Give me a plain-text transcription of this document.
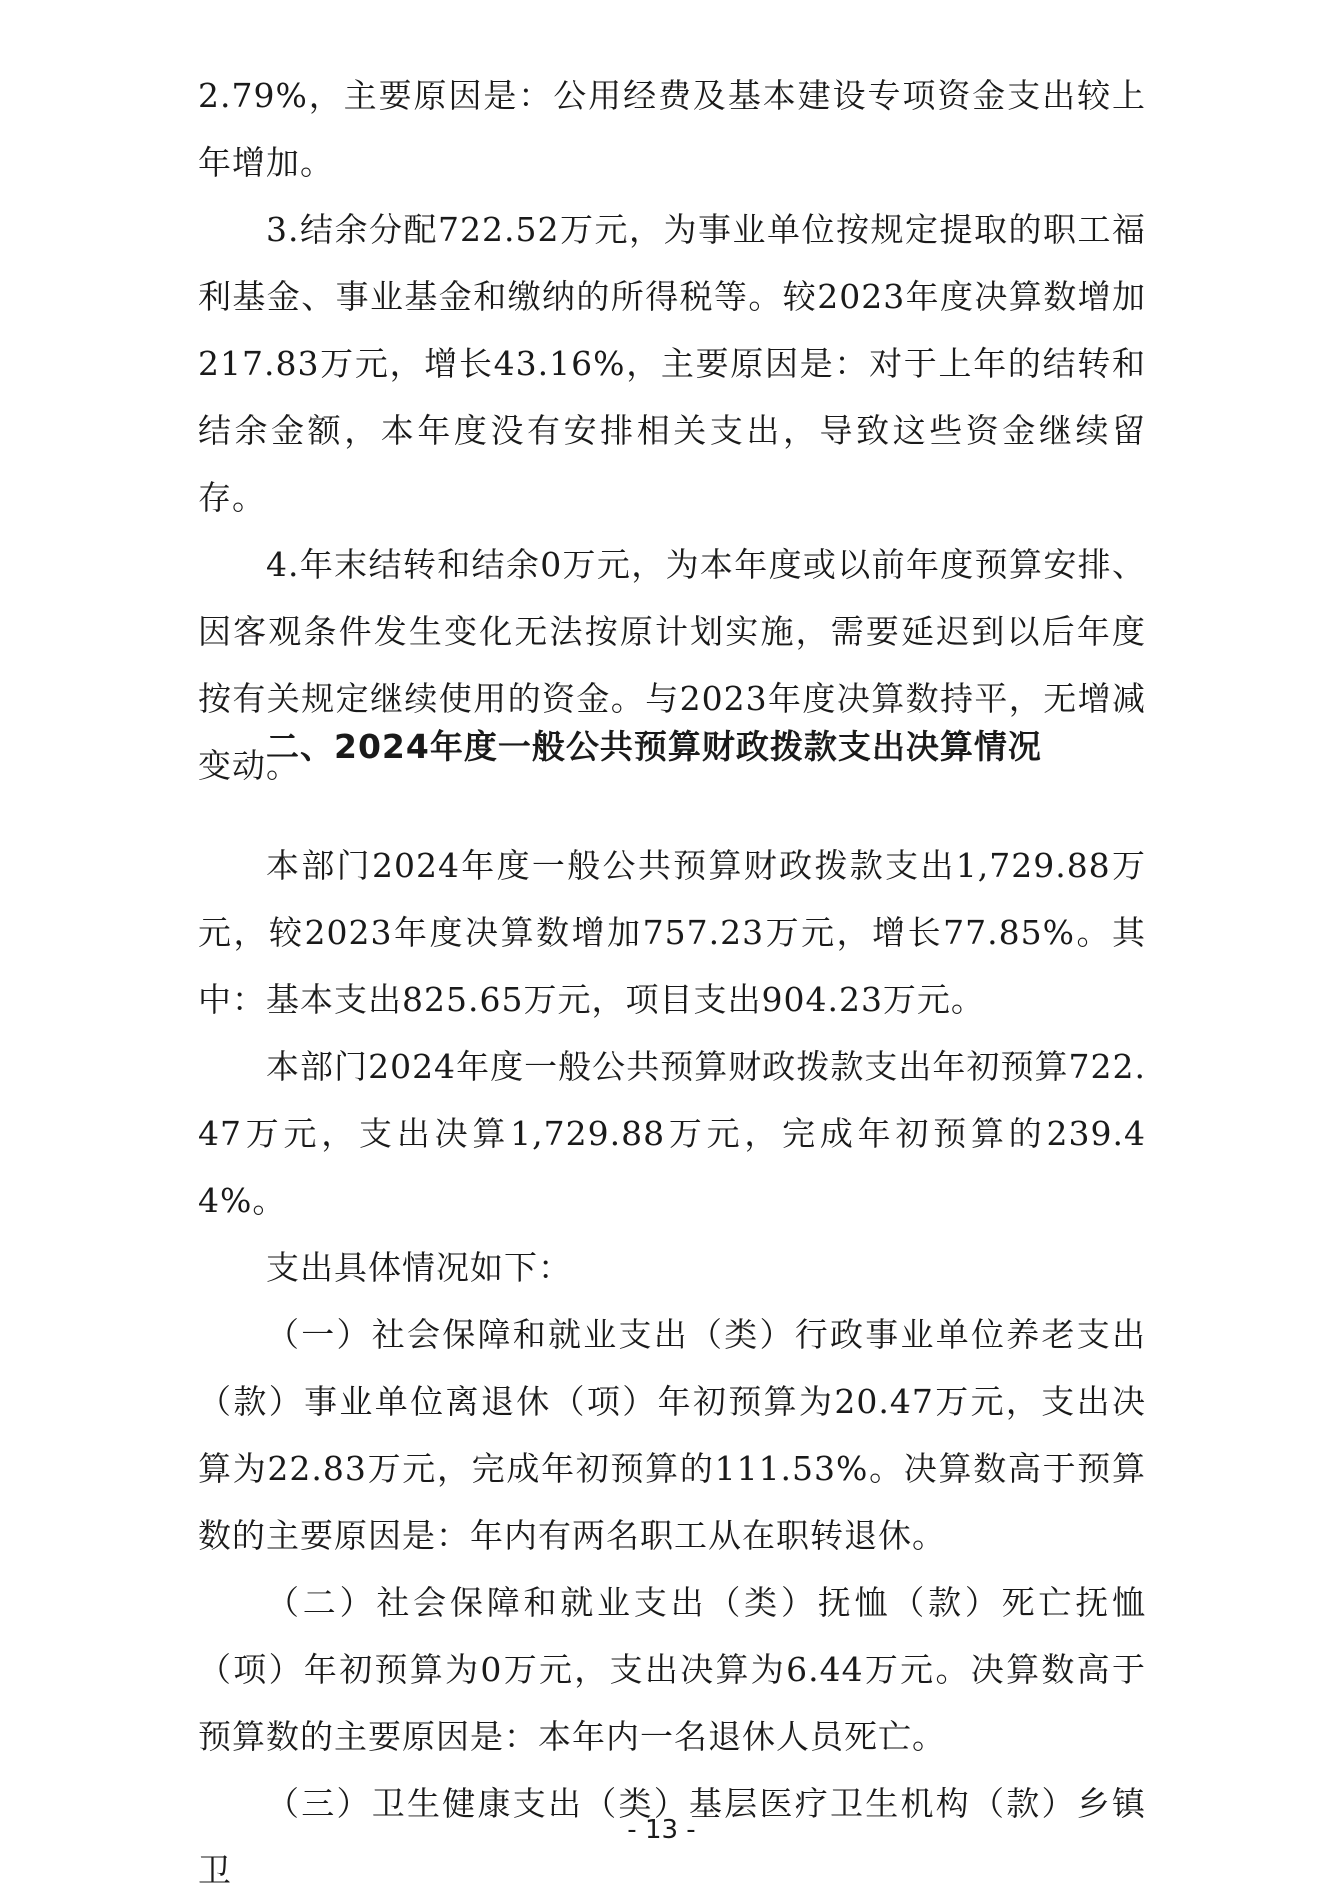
2.79%，主要原因是：公用经费及基本建设专项资金支出较上年增加。

3.结余分配722.52万元，为事业单位按规定提取的职工福利基金、事业基金和缴纳的所得税等。较2023年度决算数增加217.83万元，增长43.16%，主要原因是：对于上年的结转和结余金额，本年度没有安排相关支出，导致这些资金继续留存。

4.年末结转和结余0万元，为本年度或以前年度预算安排、因客观条件发生变化无法按原计划实施，需要延迟到以后年度按有关规定继续使用的资金。与2023年度决算数持平，无增减变动。

二、2024年度一般公共预算财政拨款支出决算情况

本部门2024年度一般公共预算财政拨款支出1,729.88万元，较2023年度决算数增加757.23万元，增长77.85%。其中：基本支出825.65万元，项目支出904.23万元。

本部门2024年度一般公共预算财政拨款支出年初预算722.47万元，支出决算1,729.88万元，完成年初预算的239.44%。

支出具体情况如下：

（一）社会保障和就业支出（类）行政事业单位养老支出（款）事业单位离退休（项）年初预算为20.47万元，支出决算为22.83万元，完成年初预算的111.53%。决算数高于预算数的主要原因是：年内有两名职工从在职转退休。

（二）社会保障和就业支出（类）抚恤（款）死亡抚恤（项）年初预算为0万元，支出决算为6.44万元。决算数高于预算数的主要原因是：本年内一名退休人员死亡。

（三）卫生健康支出（类）基层医疗卫生机构（款）乡镇卫

- 13 -
